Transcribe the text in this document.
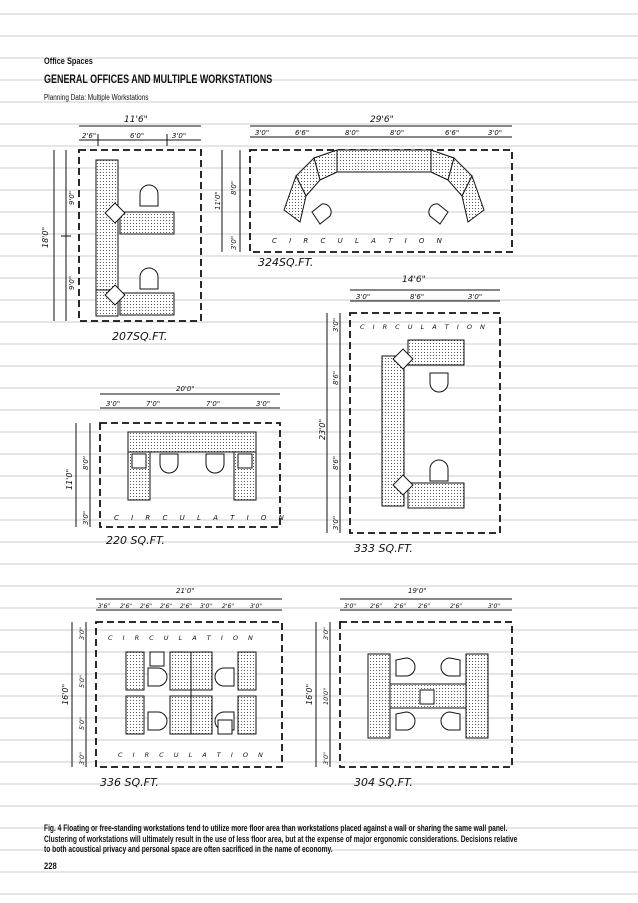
Office Spaces
GENERAL OFFICES AND MULTIPLE WORKSTATIONS
Planning Data: Multiple Workstations
11'6"
2'6"	6'0"	3'0"
18'0"
9'0"
9'0"
207SQ.FT.
29'6"
3'0"	6'6"	8'0"	8'0"	6'6"	3'0"
11'0"
8'0"
3'0"	C I R C U L A T I O N
324SQ.FT.
14'6"
3'0"	8'6"	3'0"
23'0"
3'0"
8'6"
8'6"
3'0"
C I R C U L A T I O N
333 SQ.FT.
20'0"
3'0"	7'0"	7'0"	3'0"
11'0"
8'0"
3'0"	C I R C U L A T I O N
220 SQ.FT.
21'0"
3'6" 2'6" 2'6" 2'6" 2'6" 3'0" 2'6"	3'0"
16'0"
3'0"
5'0"
5'0"
3'0"
C I R C U L A T I O N
C I R C U L A T I O N
336 SQ.FT.
19'0"
3'0" 2'6" 2'6" 2'6"	2'6"	3'0"
16'0"
3'0"
10'0"
3'0"
304 SQ.FT.
Fig. 4 Floating or free-standing workstations tend to utilize more floor area than workstations placed against a wall or sharing the same wall panel.
Clustering of workstations will ultimately result in the use of less floor area, but at the expense of major ergonomic considerations. Decisions relative
to both acoustical privacy and personal space are often sacrificed in the name of economy.
228
